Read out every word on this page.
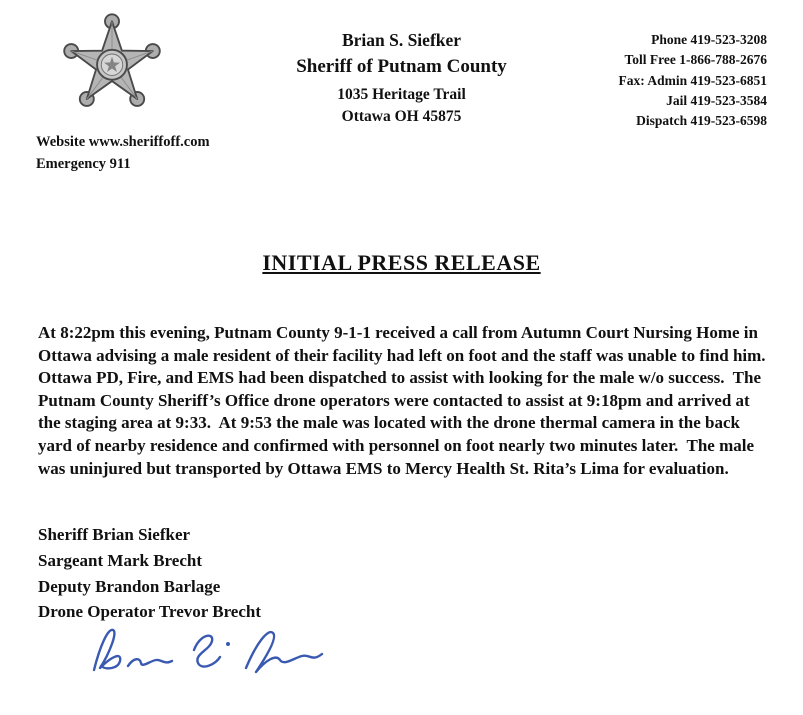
Website www.sheriffoff.com
Emergency 911
Brian S. Siefker
Sheriff of Putnam County
1035 Heritage Trail
Ottawa OH 45875
Phone 419-523-3208
Toll Free 1-866-788-2676
Fax: Admin 419-523-6851
Jail 419-523-3584
Dispatch 419-523-6598
INITIAL PRESS RELEASE
At 8:22pm this evening, Putnam County 9-1-1 received a call from Autumn Court Nursing Home in Ottawa advising a male resident of their facility had left on foot and the staff was unable to find him.  Ottawa PD, Fire, and EMS had been dispatched to assist with looking for the male w/o success.  The Putnam County Sheriff’s Office drone operators were contacted to assist at 9:18pm and arrived at the staging area at 9:33.  At 9:53 the male was located with the drone thermal camera in the back yard of nearby residence and confirmed with personnel on foot nearly two minutes later.  The male was uninjured but transported by Ottawa EMS to Mercy Health St. Rita’s Lima for evaluation.
Sheriff Brian Siefker
Sargeant Mark Brecht
Deputy Brandon Barlage
Drone Operator Trevor Brecht
